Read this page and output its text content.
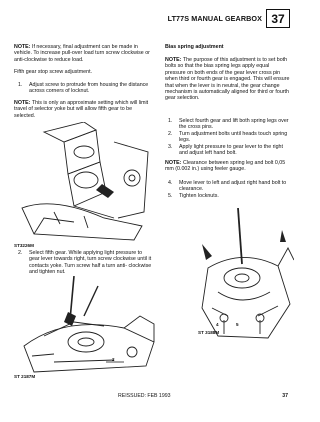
LT77S MANUAL GEARBOX 37
NOTE: If necessary, final adjustment can be made in vehicle. To increase pull-over load turn screw clockwise or anti-clockwise to reduce load.
Fifth gear stop screw adjustment.
1. Adjust screw to protrude from housing the distance across corners of locknut.
NOTE: This is only an approximate setting which will limit travel of selector yoke but will allow fifth gear to be selected.
ST3226M
2. Select fifth gear. While applying light pressure to gear lever towards right, turn screw clockwise until it contacts yoke. Turn screw half a turn anti- clockwise and tighten nut.
2
ST 2187M
Bias spring adjustment
NOTE: The purpose of this adjustment is to set both bolts so that the bias spring legs apply equal pressure on both ends of the gear lever cross pin when third or fourth gear is engaged. This will ensure that when the lever is in neutral, the gear change mechanism is automatically aligned for third or fourth gear selection.
1. Select fourth gear and lift both spring legs over the cross pins.
2. Turn adjustment bolts until heads touch spring legs.
3. Apply light pressure to gear lever to the right and adjust left hand bolt.
NOTE: Clearance between spring leg and bolt 0,05 mm (0.002 in.) using feeler gauge.
4. Move lever to left and adjust right hand bolt to clearance.
5. Tighten locknuts.
4	5
ST 3188M
REISSUED: FEB 1993	37
